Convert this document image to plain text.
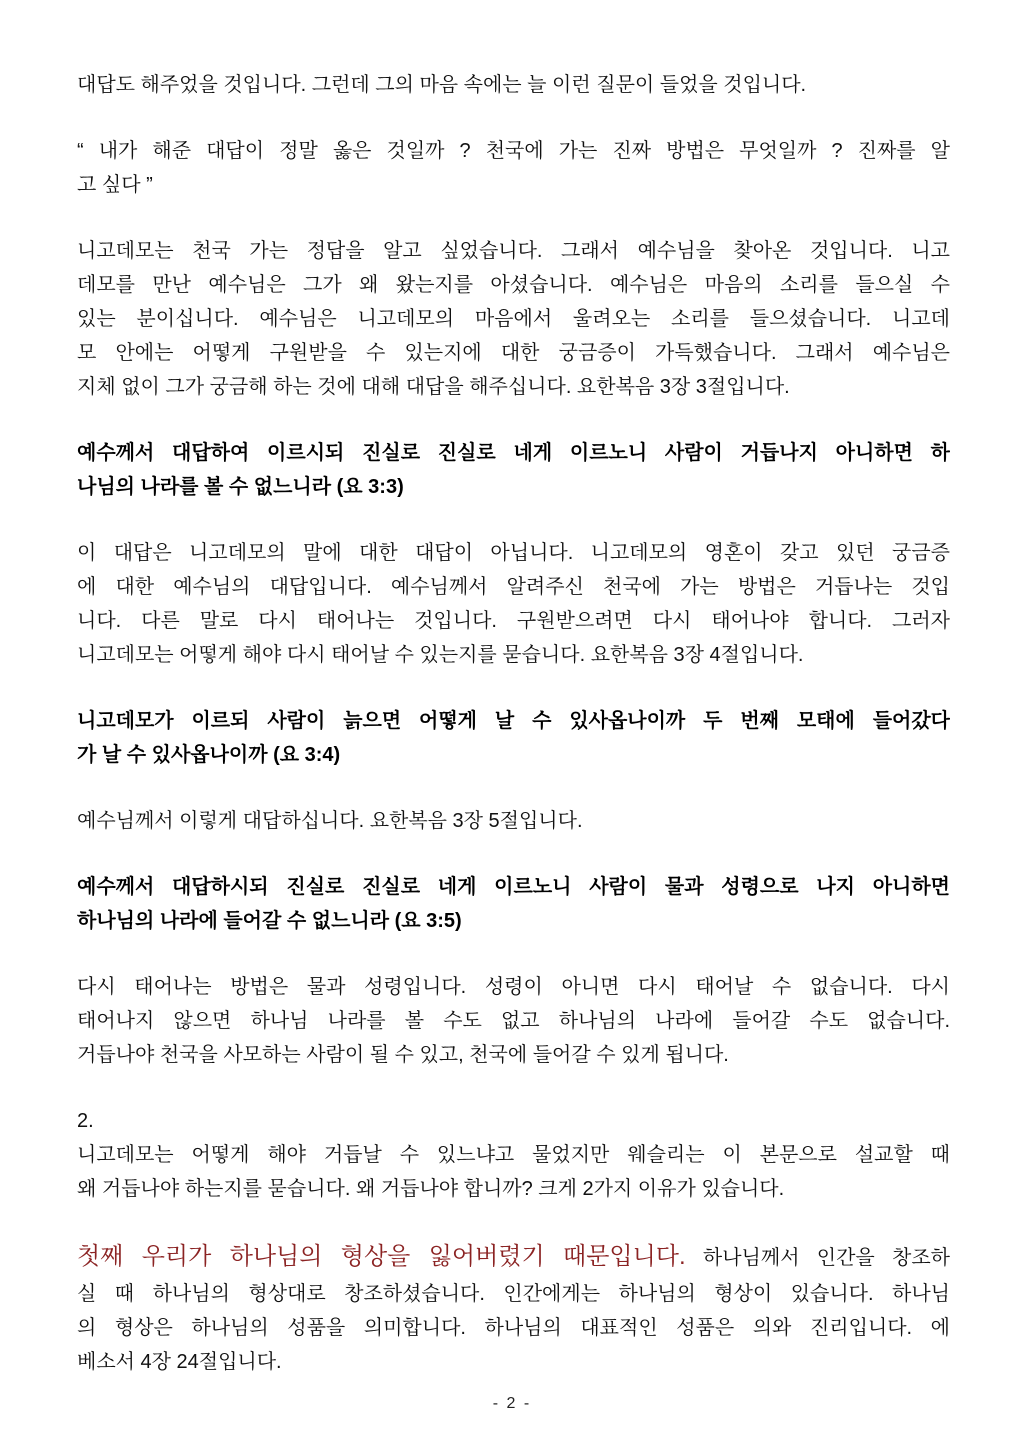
대답도 해주었을 것입니다. 그런데 그의 마음 속에는 늘 이런 질문이 들었을 것입니다.

“ 내가 해준 대답이 정말 옳은 것일까 ? 천국에 가는 진짜 방법은 무엇일까 ? 진짜를 알
고 싶다 ”

니고데모는 천국 가는 정답을 알고 싶었습니다. 그래서 예수님을 찾아온 것입니다. 니고
데모를 만난 예수님은 그가 왜 왔는지를 아셨습니다. 예수님은 마음의 소리를 들으실 수
있는 분이십니다. 예수님은 니고데모의 마음에서 울려오는 소리를 들으셨습니다. 니고데
모 안에는 어떻게 구원받을 수 있는지에 대한 궁금증이 가득했습니다. 그래서 예수님은
지체 없이 그가 궁금해 하는 것에 대해 대답을 해주십니다. 요한복음 3장 3절입니다.

예수께서 대답하여 이르시되 진실로 진실로 네게 이르노니 사람이 거듭나지 아니하면 하
나님의 나라를 볼 수 없느니라 (요 3:3)

이 대답은 니고데모의 말에 대한 대답이 아닙니다. 니고데모의 영혼이 갖고 있던 궁금증
에 대한 예수님의 대답입니다. 예수님께서 알려주신 천국에 가는 방법은 거듭나는 것입
니다. 다른 말로 다시 태어나는 것입니다. 구원받으려면 다시 태어나야 합니다. 그러자
니고데모는 어떻게 해야 다시 태어날 수 있는지를 묻습니다. 요한복음 3장 4절입니다.

니고데모가 이르되 사람이 늙으면 어떻게 날 수 있사옵나이까 두 번째 모태에 들어갔다
가 날 수 있사옵나이까 (요 3:4)

예수님께서 이렇게 대답하십니다. 요한복음 3장 5절입니다.

예수께서 대답하시되 진실로 진실로 네게 이르노니 사람이 물과 성령으로 나지 아니하면
하나님의 나라에 들어갈 수 없느니라 (요 3:5)

다시 태어나는 방법은 물과 성령입니다. 성령이 아니면 다시 태어날 수 없습니다. 다시
태어나지 않으면 하나님 나라를 볼 수도 없고 하나님의 나라에 들어갈 수도 없습니다.
거듭나야 천국을 사모하는 사람이 될 수 있고, 천국에 들어갈 수 있게 됩니다.

2.
니고데모는 어떻게 해야 거듭날 수 있느냐고 물었지만 웨슬리는 이 본문으로 설교할 때
왜 거듭나야 하는지를 묻습니다. 왜 거듭나야 합니까? 크게 2가지 이유가 있습니다.

첫째 우리가 하나님의 형상을 잃어버렸기 때문입니다. 하나님께서 인간을 창조하
실 때 하나님의 형상대로 창조하셨습니다. 인간에게는 하나님의 형상이 있습니다. 하나님
의 형상은 하나님의 성품을 의미합니다. 하나님의 대표적인 성품은 의와 진리입니다. 에
베소서 4장 24절입니다.

- 2 -
